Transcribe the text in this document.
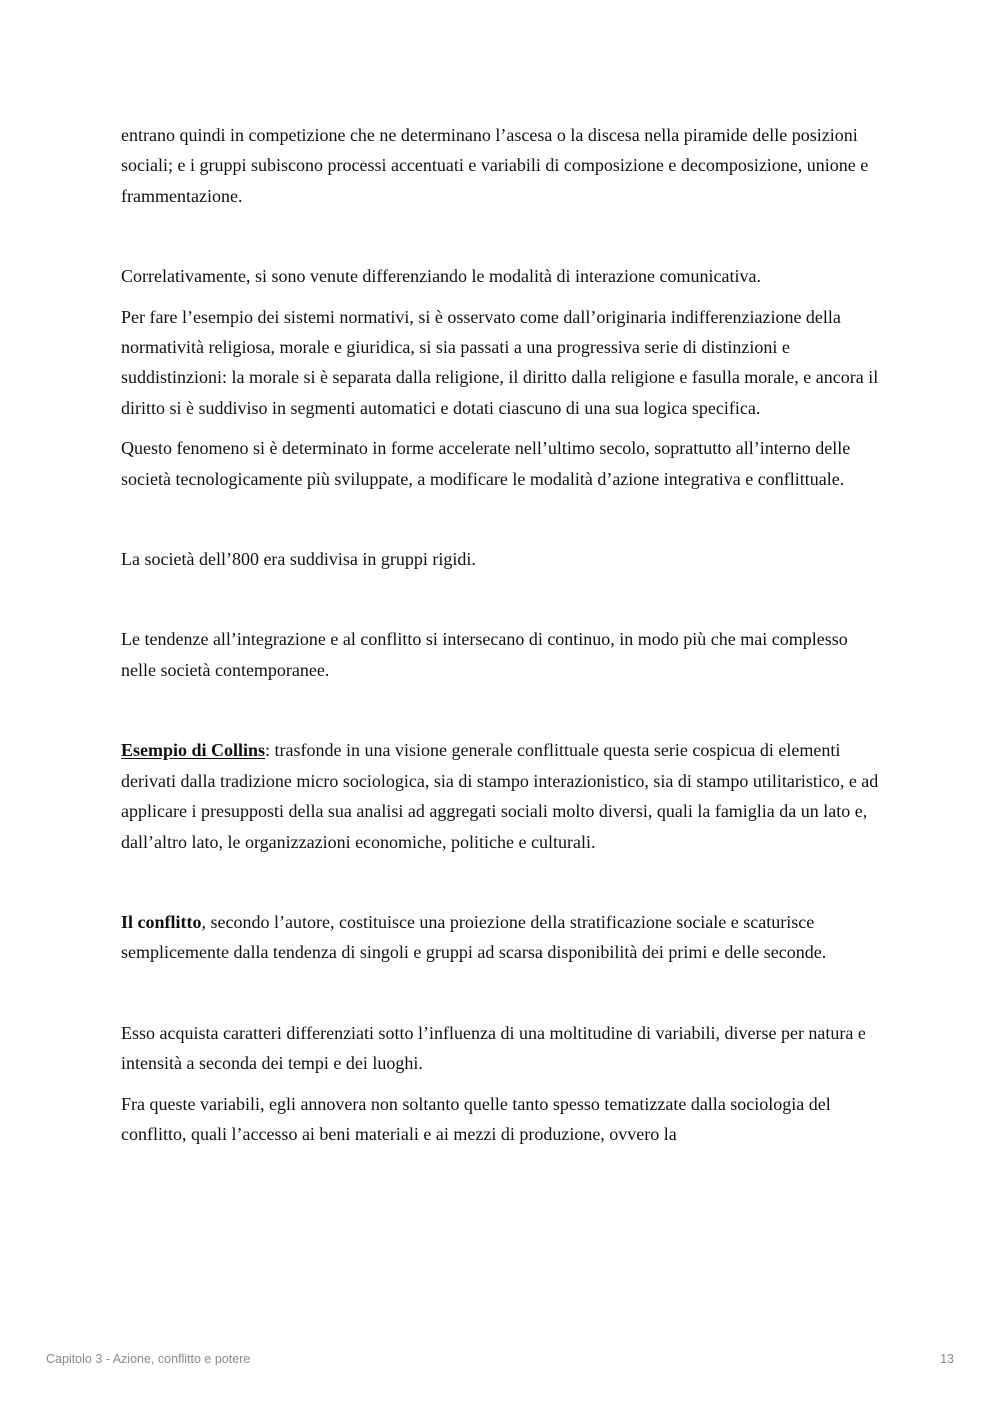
entrano quindi in competizione che ne determinano l’ascesa o la discesa nella piramide delle posizioni sociali; e i gruppi subiscono processi accentuati e variabili di composizione e decomposizione, unione e frammentazione.

Correlativamente, si sono venute differenziando le modalità di interazione comunicativa.

Per fare l’esempio dei sistemi normativi, si è osservato come dall’originaria indifferenziazione della normatività religiosa, morale e giuridica, si sia passati a una progressiva serie di distinzioni e suddistinzioni: la morale si è separata dalla religione, il diritto dalla religione e fasulla morale, e ancora il diritto si è suddiviso in segmenti automatici e dotati ciascuno di una sua logica specifica.

Questo fenomeno si è determinato in forme accelerate nell’ultimo secolo, soprattutto all’interno delle società tecnologicamente più sviluppate, a modificare le modalità d’azione integrativa e conflittuale.

La società dell’800 era suddivisa in gruppi rigidi.

Le tendenze all’integrazione e al conflitto si intersecano di continuo, in modo più che mai complesso nelle società contemporanee.

Esempio di Collins: trasfonde in una visione generale conflittuale questa serie cospicua di elementi derivati dalla tradizione micro sociologica, sia di stampo interazionistico, sia di stampo utilitaristico, e ad applicare i presupposti della sua analisi ad aggregati sociali molto diversi, quali la famiglia da un lato e, dall’altro lato, le organizzazioni economiche, politiche e culturali.

Il conflitto, secondo l’autore, costituisce una proiezione della stratificazione sociale e scaturisce semplicemente dalla tendenza di singoli e gruppi ad scarsa disponibilità dei primi e delle seconde.

Esso acquista caratteri differenziati sotto l’influenza di una moltitudine di variabili, diverse per natura e intensità a seconda dei tempi e dei luoghi.

Fra queste variabili, egli annovera non soltanto quelle tanto spesso tematizzate dalla sociologia del conflitto, quali l’accesso ai beni materiali e ai mezzi di produzione, ovvero la

Capitolo 3 - Azione, conflitto e potere	13
